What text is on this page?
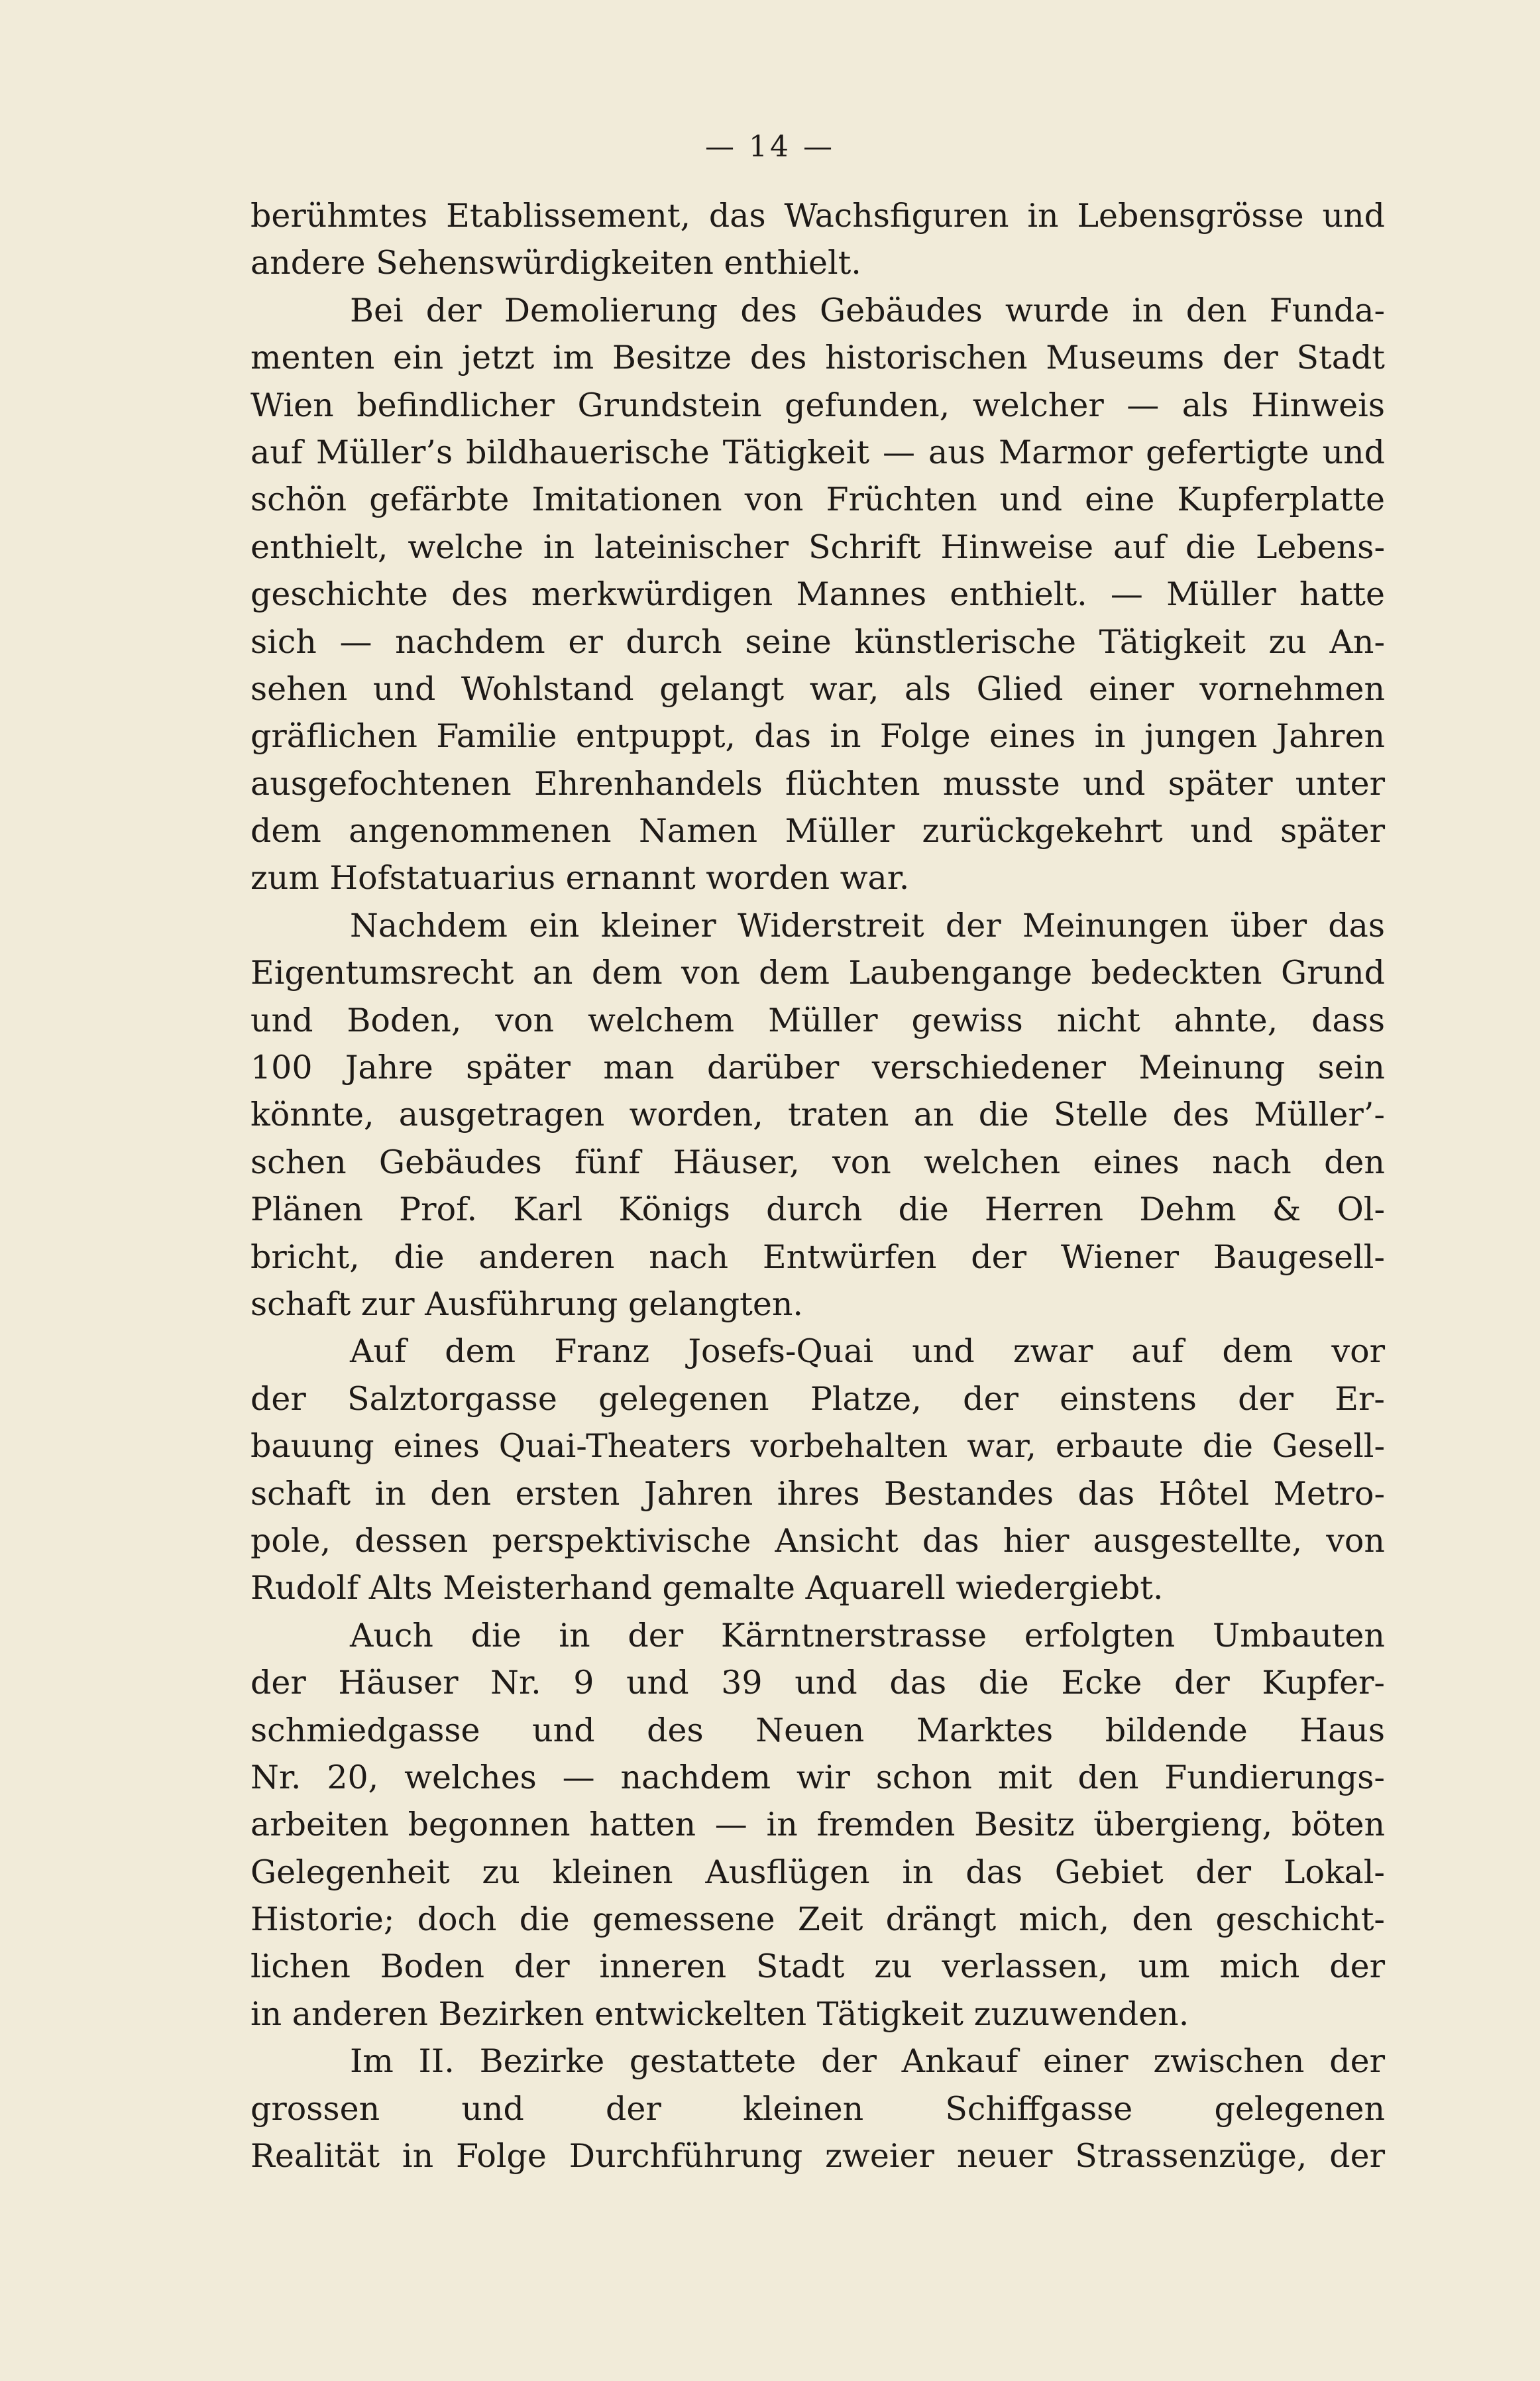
— 14 —
berühmtes Etablissement, das Wachsfiguren in Lebensgrösse und
andere Sehenswürdigkeiten enthielt.
Bei der Demolierung des Gebäudes wurde in den Funda-
menten ein jetzt im Besitze des historischen Museums der Stadt
Wien befindlicher Grundstein gefunden, welcher — als Hinweis
auf Müller’s bildhauerische Tätigkeit — aus Marmor gefertigte und
schön gefärbte Imitationen von Früchten und eine Kupferplatte
enthielt, welche in lateinischer Schrift Hinweise auf die Lebens-
geschichte des merkwürdigen Mannes enthielt. — Müller hatte
sich — nachdem er durch seine künstlerische Tätigkeit zu An-
sehen und Wohlstand gelangt war, als Glied einer vornehmen
gräflichen Familie entpuppt, das in Folge eines in jungen Jahren
ausgefochtenen Ehrenhandels flüchten musste und später unter
dem angenommenen Namen Müller zurückgekehrt und später
zum Hofstatuarius ernannt worden war.
Nachdem ein kleiner Widerstreit der Meinungen über das
Eigentumsrecht an dem von dem Laubengange bedeckten Grund
und Boden, von welchem Müller gewiss nicht ahnte, dass
100 Jahre später man darüber verschiedener Meinung sein
könnte, ausgetragen worden, traten an die Stelle des Müller’-
schen Gebäudes fünf Häuser, von welchen eines nach den
Plänen Prof. Karl Königs durch die Herren Dehm & Ol-
bricht, die anderen nach Entwürfen der Wiener Baugesell-
schaft zur Ausführung gelangten.
Auf dem Franz Josefs-Quai und zwar auf dem vor
der Salztorgasse gelegenen Platze, der einstens der Er-
bauung eines Quai-Theaters vorbehalten war, erbaute die Gesell-
schaft in den ersten Jahren ihres Bestandes das Hôtel Metro-
pole, dessen perspektivische Ansicht das hier ausgestellte, von
Rudolf Alts Meisterhand gemalte Aquarell wiedergiebt.
Auch die in der Kärntnerstrasse erfolgten Umbauten
der Häuser Nr. 9 und 39 und das die Ecke der Kupfer-
schmiedgasse und des Neuen Marktes bildende Haus
Nr. 20, welches — nachdem wir schon mit den Fundierungs-
arbeiten begonnen hatten — in fremden Besitz übergieng, böten
Gelegenheit zu kleinen Ausflügen in das Gebiet der Lokal-
Historie; doch die gemessene Zeit drängt mich, den geschicht-
lichen Boden der inneren Stadt zu verlassen, um mich der
in anderen Bezirken entwickelten Tätigkeit zuzuwenden.
Im II. Bezirke gestattete der Ankauf einer zwischen der
grossen und der kleinen Schiffgasse gelegenen
Realität in Folge Durchführung zweier neuer Strassenzüge, der
